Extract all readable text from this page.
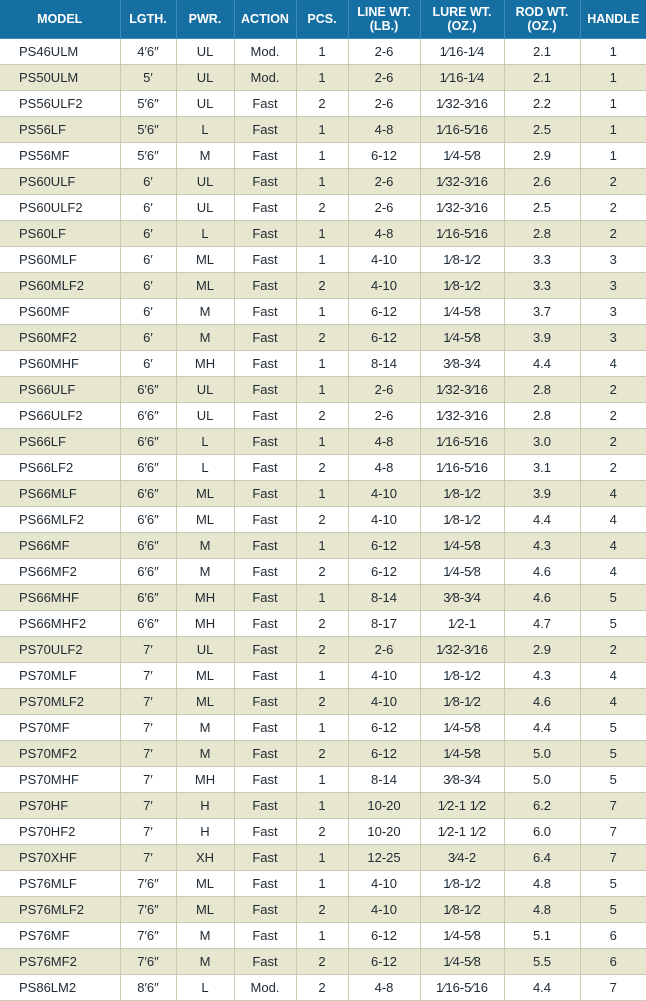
MODEL	LGTH.	PWR.	ACTION	PCS.	LINE WT. (LB.)	LURE WT. (OZ.)	ROD WT. (OZ.)	HANDLE
PS46ULM	4′6″	UL	Mod.	1	2-6	1⁄16-1⁄4	2.1	1
PS50ULM	5′	UL	Mod.	1	2-6	1⁄16-1⁄4	2.1	1
PS56ULF2	5′6″	UL	Fast	2	2-6	1⁄32-3⁄16	2.2	1
PS56LF	5′6″	L	Fast	1	4-8	1⁄16-5⁄16	2.5	1
PS56MF	5′6″	M	Fast	1	6-12	1⁄4-5⁄8	2.9	1
PS60ULF	6′	UL	Fast	1	2-6	1⁄32-3⁄16	2.6	2
PS60ULF2	6′	UL	Fast	2	2-6	1⁄32-3⁄16	2.5	2
PS60LF	6′	L	Fast	1	4-8	1⁄16-5⁄16	2.8	2
PS60MLF	6′	ML	Fast	1	4-10	1⁄8-1⁄2	3.3	3
PS60MLF2	6′	ML	Fast	2	4-10	1⁄8-1⁄2	3.3	3
PS60MF	6′	M	Fast	1	6-12	1⁄4-5⁄8	3.7	3
PS60MF2	6′	M	Fast	2	6-12	1⁄4-5⁄8	3.9	3
PS60MHF	6′	MH	Fast	1	8-14	3⁄8-3⁄4	4.4	4
PS66ULF	6′6″	UL	Fast	1	2-6	1⁄32-3⁄16	2.8	2
PS66ULF2	6′6″	UL	Fast	2	2-6	1⁄32-3⁄16	2.8	2
PS66LF	6′6″	L	Fast	1	4-8	1⁄16-5⁄16	3.0	2
PS66LF2	6′6″	L	Fast	2	4-8	1⁄16-5⁄16	3.1	2
PS66MLF	6′6″	ML	Fast	1	4-10	1⁄8-1⁄2	3.9	4
PS66MLF2	6′6″	ML	Fast	2	4-10	1⁄8-1⁄2	4.4	4
PS66MF	6′6″	M	Fast	1	6-12	1⁄4-5⁄8	4.3	4
PS66MF2	6′6″	M	Fast	2	6-12	1⁄4-5⁄8	4.6	4
PS66MHF	6′6″	MH	Fast	1	8-14	3⁄8-3⁄4	4.6	5
PS66MHF2	6′6″	MH	Fast	2	8-17	1⁄2-1	4.7	5
PS70ULF2	7′	UL	Fast	2	2-6	1⁄32-3⁄16	2.9	2
PS70MLF	7′	ML	Fast	1	4-10	1⁄8-1⁄2	4.3	4
PS70MLF2	7′	ML	Fast	2	4-10	1⁄8-1⁄2	4.6	4
PS70MF	7′	M	Fast	1	6-12	1⁄4-5⁄8	4.4	5
PS70MF2	7′	M	Fast	2	6-12	1⁄4-5⁄8	5.0	5
PS70MHF	7′	MH	Fast	1	8-14	3⁄8-3⁄4	5.0	5
PS70HF	7′	H	Fast	1	10-20	1⁄2-1 1⁄2	6.2	7
PS70HF2	7′	H	Fast	2	10-20	1⁄2-1 1⁄2	6.0	7
PS70XHF	7′	XH	Fast	1	12-25	3⁄4-2	6.4	7
PS76MLF	7′6″	ML	Fast	1	4-10	1⁄8-1⁄2	4.8	5
PS76MLF2	7′6″	ML	Fast	2	4-10	1⁄8-1⁄2	4.8	5
PS76MF	7′6″	M	Fast	1	6-12	1⁄4-5⁄8	5.1	6
PS76MF2	7′6″	M	Fast	2	6-12	1⁄4-5⁄8	5.5	6
PS86LM2	8′6″	L	Mod.	2	4-8	1⁄16-5⁄16	4.4	7
